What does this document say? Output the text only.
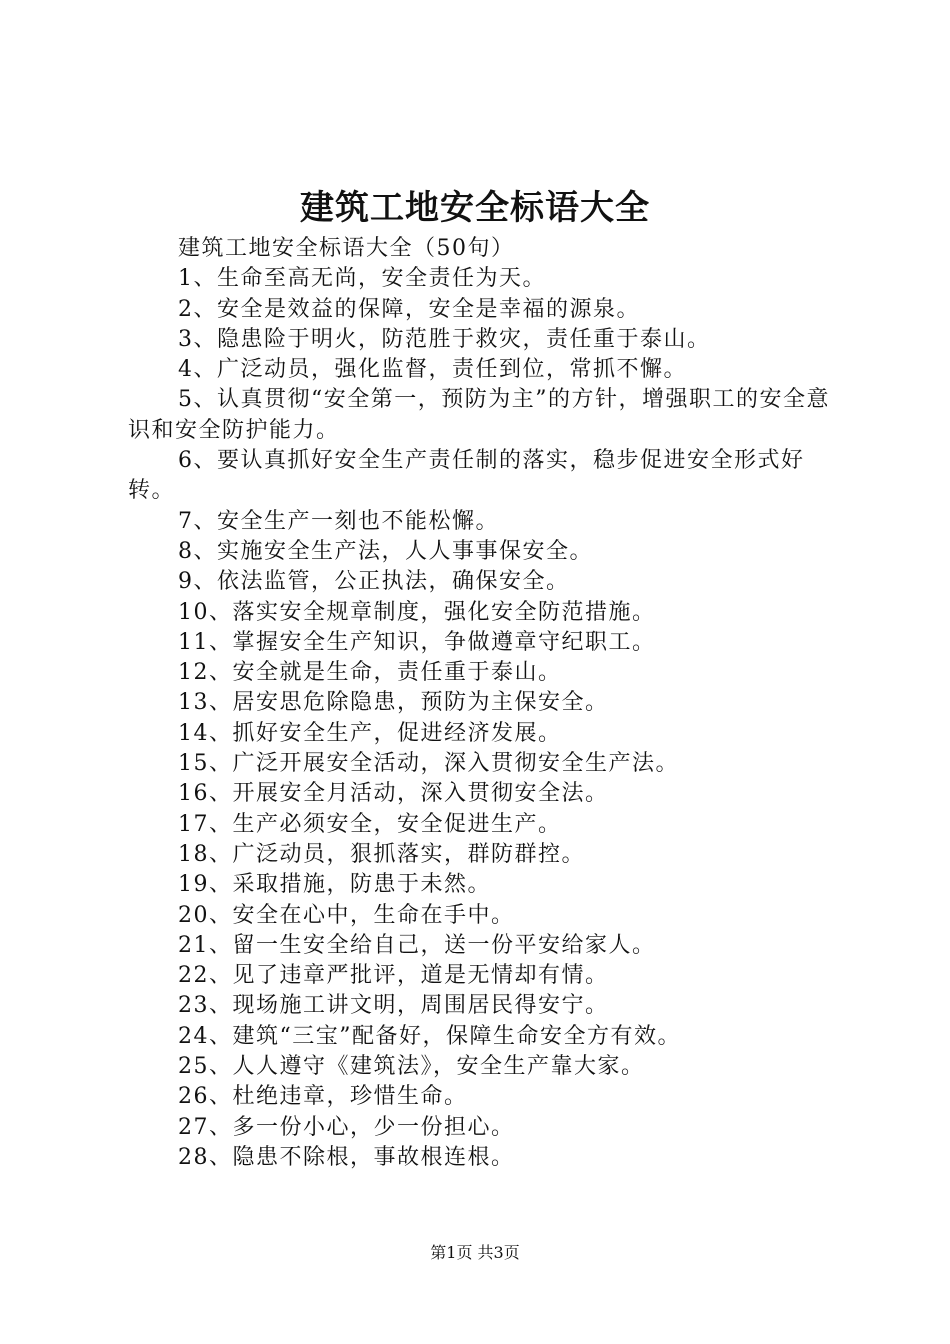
建筑工地安全标语大全

建筑工地安全标语大全（50句）

1、生命至高无尚，安全责任为天。

2、安全是效益的保障，安全是幸福的源泉。

3、隐患险于明火，防范胜于救灾，责任重于泰山。

4、广泛动员，强化监督，责任到位，常抓不懈。

5、认真贯彻“安全第一，预防为主”的方针，增强职工的安全意识和安全防护能力。

6、要认真抓好安全生产责任制的落实，稳步促进安全形式好转。

7、安全生产一刻也不能松懈。

8、实施安全生产法，人人事事保安全。

9、依法监管，公正执法，确保安全。

10、落实安全规章制度，强化安全防范措施。

11、掌握安全生产知识，争做遵章守纪职工。

12、安全就是生命，责任重于泰山。

13、居安思危除隐患，预防为主保安全。

14、抓好安全生产，促进经济发展。

15、广泛开展安全活动，深入贯彻安全生产法。

16、开展安全月活动，深入贯彻安全法。

17、生产必须安全，安全促进生产。

18、广泛动员，狠抓落实，群防群控。

19、采取措施，防患于未然。

20、安全在心中，生命在手中。

21、留一生安全给自己，送一份平安给家人。

22、见了违章严批评，道是无情却有情。

23、现场施工讲文明，周围居民得安宁。

24、建筑“三宝”配备好，保障生命安全方有效。

25、人人遵守《建筑法》，安全生产靠大家。

26、杜绝违章，珍惜生命。

27、多一份小心，少一份担心。

28、隐患不除根，事故根连根。

第1页 共3页
